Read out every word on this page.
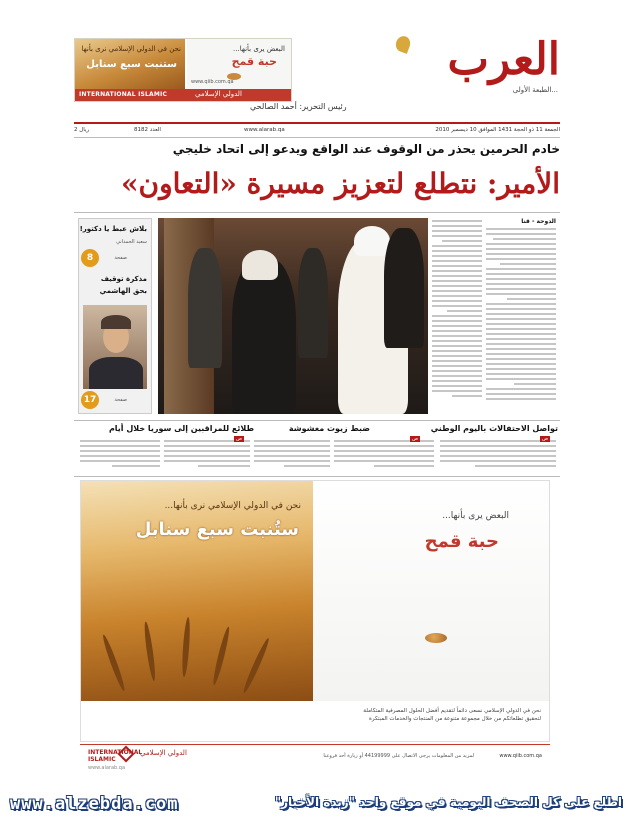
نحن في الدولي الإسلامي نرى بأنها
ستنبت سبع سنابل
البعض يرى بأنها...
حبة قمح
www.qiib.com.qa
INTERNATIONAL ISLAMIC	الدولي الإسلامي
العرب
...الطبعة الأولى
رئيس التحرير: أحمد الصالحي
الجمعة 11 ذو الحجة 1431 الموافق 10 ديسمبر 2010
www.alarab.qa
العدد 8182
2 ريال
خادم الحرمين يحذر من الوقوف عند الواقع ويدعو إلى اتحاد خليجي
الأمير: نتطلع لتعزيز مسيرة «التعاون»
الدوحة - قنا
بلاش عبط يا دكتور!
سعيد الحمداني
8	صفحة
مذكرة توقيف
بحق الهاشمي
17	صفحة
تواصل الاحتفالات باليوم الوطني
ضبط زيوت مغشوشة
طلائع للمراقبين إلى سوريا خلال أيام
ص
ص
ص
نحن في الدولي الإسلامي نرى بأنها...
ستُنبت سبع سنابل
البعض يرى بأنها...
حبة قمح
نحن في الدولي الإسلامي نسعى دائماً لتقديم أفضل الحلول المصرفية المتكاملة
لتحقيق تطلعاتكم من خلال مجموعة متنوعة من المنتجات والخدمات المبتكرة
INTERNATIONAL
ISLAMIC
الدولي الإسلامي	لمزيد من المعلومات يرجى الاتصال على 44199999 أو زيارة أحد فروعنا	www.qiib.com.qa
www.alarab.qa
www.alzebda.com	اطلع على كل الصحف اليومية في موقع واحد "زبدة الأخبار"
